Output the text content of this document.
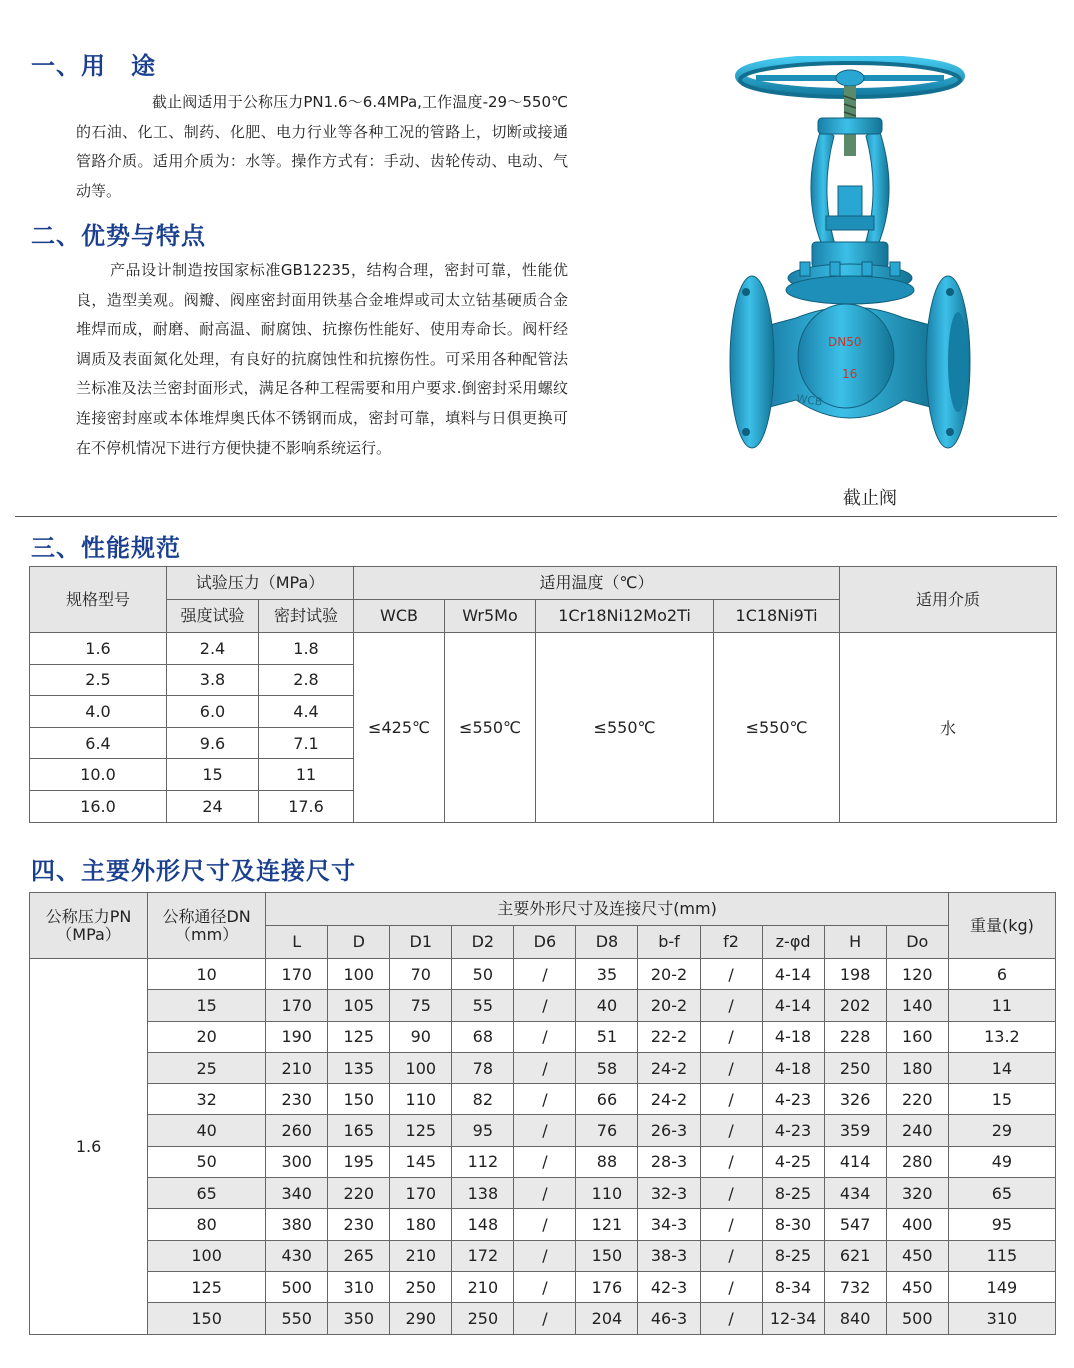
一、用　途

截止阀适用于公称压力PN1.6～6.4MPa,工作温度-29～550℃的石油、化工、制药、化肥、电力行业等各种工况的管路上，切断或接通管路介质。适用介质为：水等。操作方式有：手动、齿轮传动、电动、气动等。

二、优势与特点

产品设计制造按国家标准GB12235，结构合理，密封可靠，性能优良，造型美观。阀瓣、阀座密封面用铁基合金堆焊或司太立钴基硬质合金堆焊而成，耐磨、耐高温、耐腐蚀、抗擦伤性能好、使用寿命长。阀杆经调质及表面氮化处理，有良好的抗腐蚀性和抗擦伤性。可采用各种配管法兰标准及法兰密封面形式，满足各种工程需要和用户要求.倒密封采用螺纹连接密封座或本体堆焊奥氏体不锈钢而成，密封可靠，填料与日俱更换可在不停机情况下进行方便快捷不影响系统运行。

DN50
16
WCB
截止阀
三、性能规范
规格型号	试验压力（MPa）		适用温度（℃）				适用介质
	强度试验	密封试验	WCB	Wr5Mo	1Cr18Ni12Mo2Ti	1C18Ni9Ti	
1.6	2.4	1.8	≤425℃	≤550℃	≤550℃	≤550℃	水
2.5	3.8	2.8					
4.0	6.0	4.4					
6.4	9.6	7.1					
10.0	15	11					
16.0	24	17.6					
四、主要外形尺寸及连接尺寸
公称压力PN（MPa）	公称通径DN（mm）	主要外形尺寸及连接尺寸(mm)											重量(kg)
		L	D	D1	D2	D6	D8	b-f	f2	z-φd	H	Do	
1.6	10	170	100	70	50	/	35	20-2	/	4-14	198	120	6
	15	170	105	75	55	/	40	20-2	/	4-14	202	140	11
	20	190	125	90	68	/	51	22-2	/	4-18	228	160	13.2
	25	210	135	100	78	/	58	24-2	/	4-18	250	180	14
	32	230	150	110	82	/	66	24-2	/	4-23	326	220	15
	40	260	165	125	95	/	76	26-3	/	4-23	359	240	29
	50	300	195	145	112	/	88	28-3	/	4-25	414	280	49
	65	340	220	170	138	/	110	32-3	/	8-25	434	320	65
	80	380	230	180	148	/	121	34-3	/	8-30	547	400	95
	100	430	265	210	172	/	150	38-3	/	8-25	621	450	115
	125	500	310	250	210	/	176	42-3	/	8-34	732	450	149
	150	550	350	290	250	/	204	46-3	/	12-34	840	500	310
